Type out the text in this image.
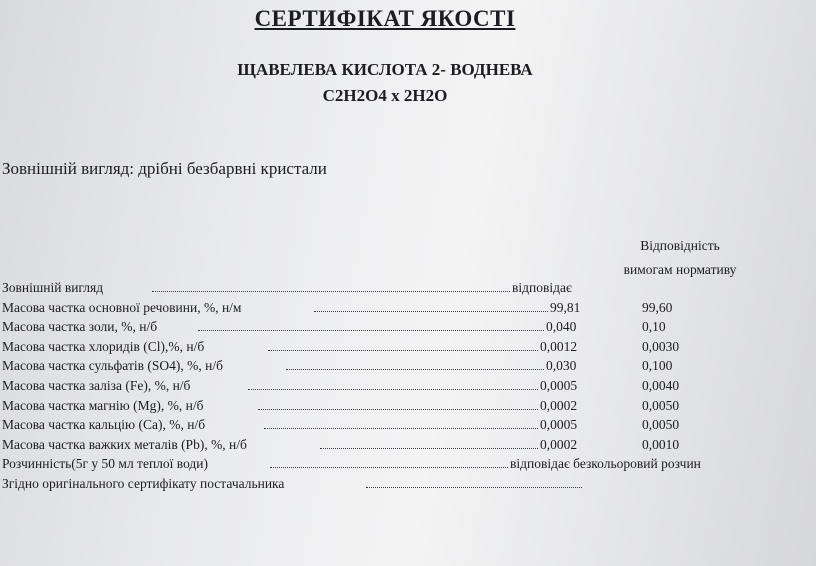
СЕРТИФІКАТ ЯКОСТІ
ЩАВЕЛЕВА КИСЛОТА 2- ВОДНЕВА
С2Н2О4 х 2Н2О
Зовнішній вигляд: дрібні безбарвні кристали
Відповідність
вимогам нормативу
Зовнішній вигляд	відповідає
Масова частка основної речовини, %, н/м	99,81	99,60
Масова частка золи, %, н/б	0,040	0,10
Масова частка хлоридів (Cl),%, н/б	0,0012	0,0030
Масова частка сульфатів (SO4), %, н/б	0,030	0,100
Масова частка заліза (Fe), %, н/б	0,0005	0,0040
Масова частка магнію (Mg), %, н/б	0,0002	0,0050
Масова частка кальцію (Са), %, н/б	0,0005	0,0050
Масова частка важких металів (Pb), %, н/б	0,0002	0,0010
Розчинність(5г у 50 мл теплої води)	відповідає безкольоровий розчин
Згідно оригінального сертифікату постачальника
